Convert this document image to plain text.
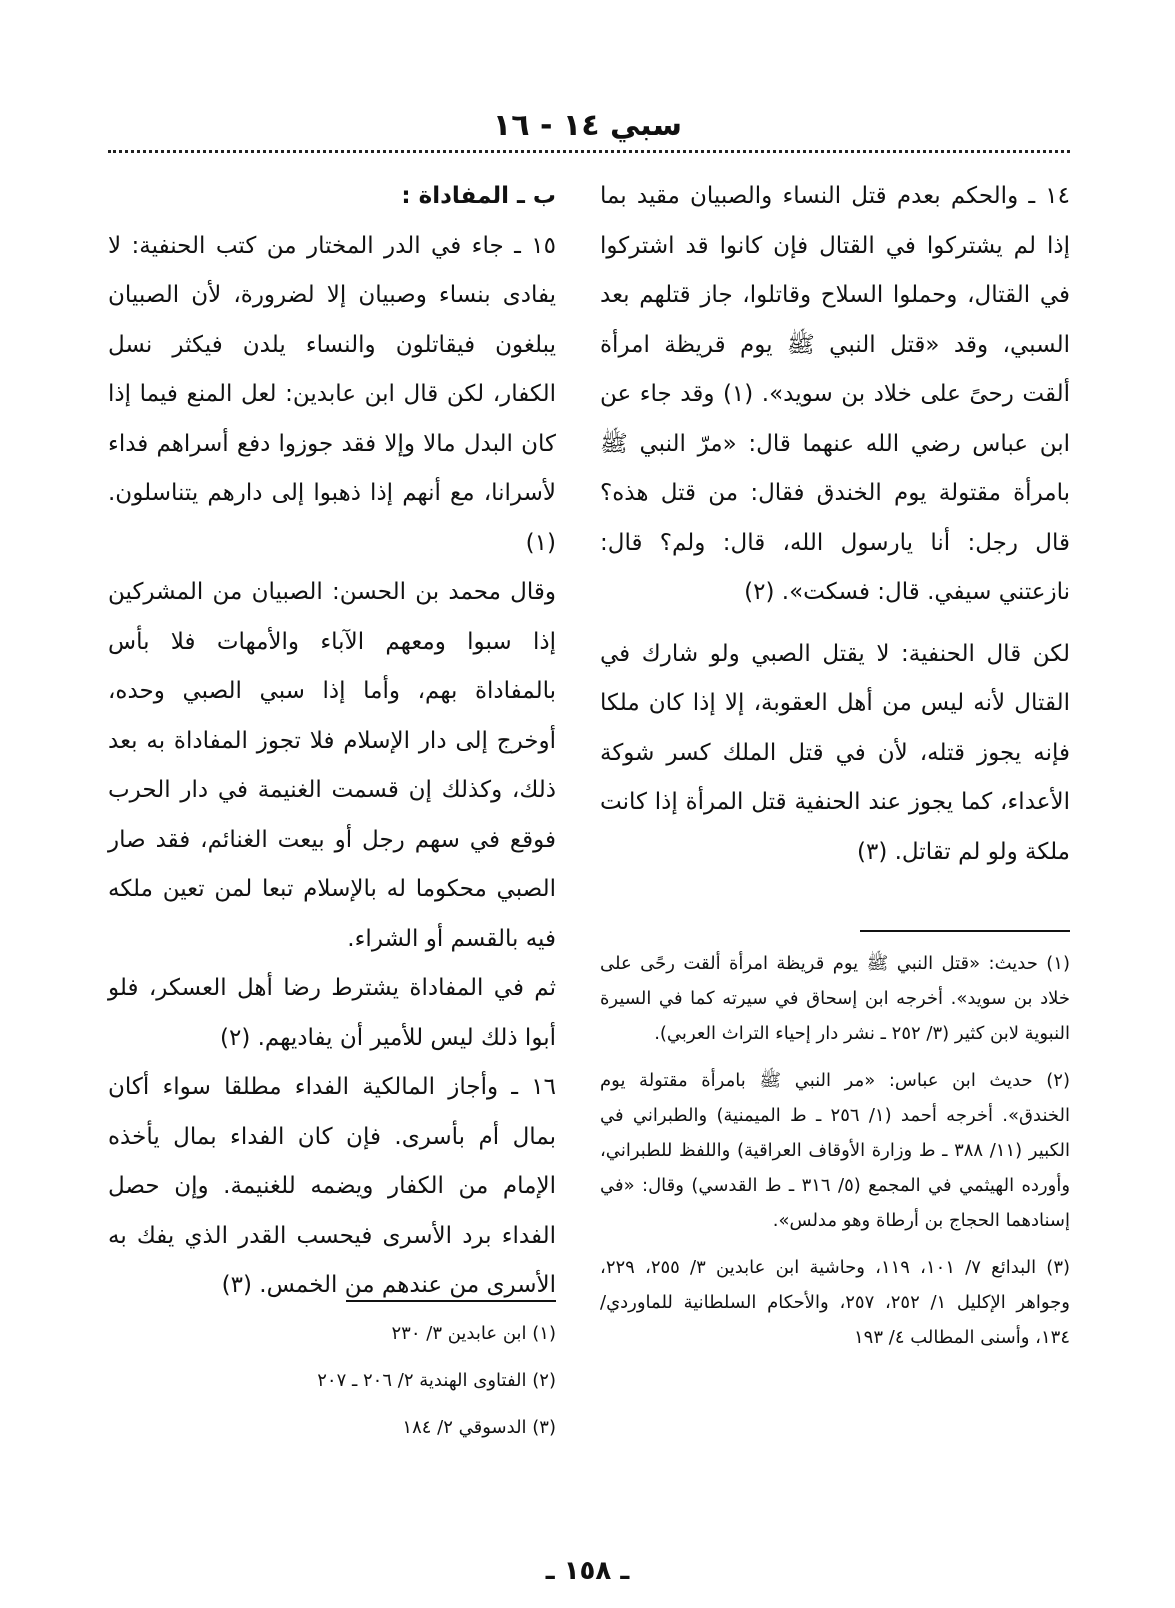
سبي ١٤ - ١٦

١٤ ـ والحكم بعدم قتل النساء والصبيان مقيد بما إذا لم يشتركوا في القتال فإن كانوا قد اشتركوا في القتال، وحملوا السلاح وقاتلوا، جاز قتلهم بعد السبي، وقد «قتل النبي ﷺ يوم قريظة امرأة ألقت رحىً على خلاد بن سويد». (١) وقد جاء عن ابن عباس رضي الله عنهما قال: «مرّ النبي ﷺ بامرأة مقتولة يوم الخندق فقال: من قتل هذه؟ قال رجل: أنا يارسول الله، قال: ولم؟ قال: نازعتني سيفي. قال: فسكت». (٢)

لكن قال الحنفية: لا يقتل الصبي ولو شارك في القتال لأنه ليس من أهل العقوبة، إلا إذا كان ملكا فإنه يجوز قتله، لأن في قتل الملك كسر شوكة الأعداء، كما يجوز عند الحنفية قتل المرأة إذا كانت ملكة ولو لم تقاتل. (٣)

ب ـ المفاداة :

١٥ ـ جاء في الدر المختار من كتب الحنفية: لا يفادى بنساء وصبيان إلا لضرورة، لأن الصبيان يبلغون فيقاتلون والنساء يلدن فيكثر نسل الكفار، لكن قال ابن عابدين: لعل المنع فيما إذا كان البدل مالا وإلا فقد جوزوا دفع أسراهم فداء لأسرانا، مع أنهم إذا ذهبوا إلى دارهم يتناسلون. (١)

وقال محمد بن الحسن: الصبيان من المشركين إذا سبوا ومعهم الآباء والأمهات فلا بأس بالمفاداة بهم، وأما إذا سبي الصبي وحده، أوخرج إلى دار الإسلام فلا تجوز المفاداة به بعد ذلك، وكذلك إن قسمت الغنيمة في دار الحرب فوقع في سهم رجل أو بيعت الغنائم، فقد صار الصبي محكوما له بالإسلام تبعا لمن تعين ملكه فيه بالقسم أو الشراء.

ثم في المفاداة يشترط رضا أهل العسكر، فلو أبوا ذلك ليس للأمير أن يفاديهم. (٢)

١٦ ـ وأجاز المالكية الفداء مطلقا سواء أكان بمال أم بأسرى. فإن كان الفداء بمال يأخذه الإمام من الكفار ويضمه للغنيمة. وإن حصل الفداء برد الأسرى فيحسب القدر الذي يفك به الأسرى من عندهم من الخمس. (٣)

(١) حديث: «قتل النبي ﷺ يوم قريظة امرأة ألقت رحًى على خلاد بن سويد». أخرجه ابن إسحاق في سيرته كما في السيرة النبوية لابن كثير (٣/ ٢٥٢ ـ نشر دار إحياء التراث العربي).

(٢) حديث ابن عباس: «مر النبي ﷺ بامرأة مقتولة يوم الخندق». أخرجه أحمد (١/ ٢٥٦ ـ ط الميمنية) والطبراني في الكبير (١١/ ٣٨٨ ـ ط وزارة الأوقاف العراقية) واللفظ للطبراني، وأورده الهيثمي في المجمع (٥/ ٣١٦ ـ ط القدسي) وقال: «في إسنادهما الحجاج بن أرطاة وهو مدلس».

(٣) البدائع ٧/ ١٠١، ١١٩، وحاشية ابن عابدين ٣/ ٢٥٥، ٢٢٩، وجواهر الإكليل ١/ ٢٥٢، ٢٥٧، والأحكام السلطانية للماوردي/ ١٣٤، وأسنى المطالب ٤/ ١٩٣

(١) ابن عابدين ٣/ ٢٣٠

(٢) الفتاوى الهندية ٢/ ٢٠٦ ـ ٢٠٧

(٣) الدسوقي ٢/ ١٨٤

ـ ١٥٨ ـ
